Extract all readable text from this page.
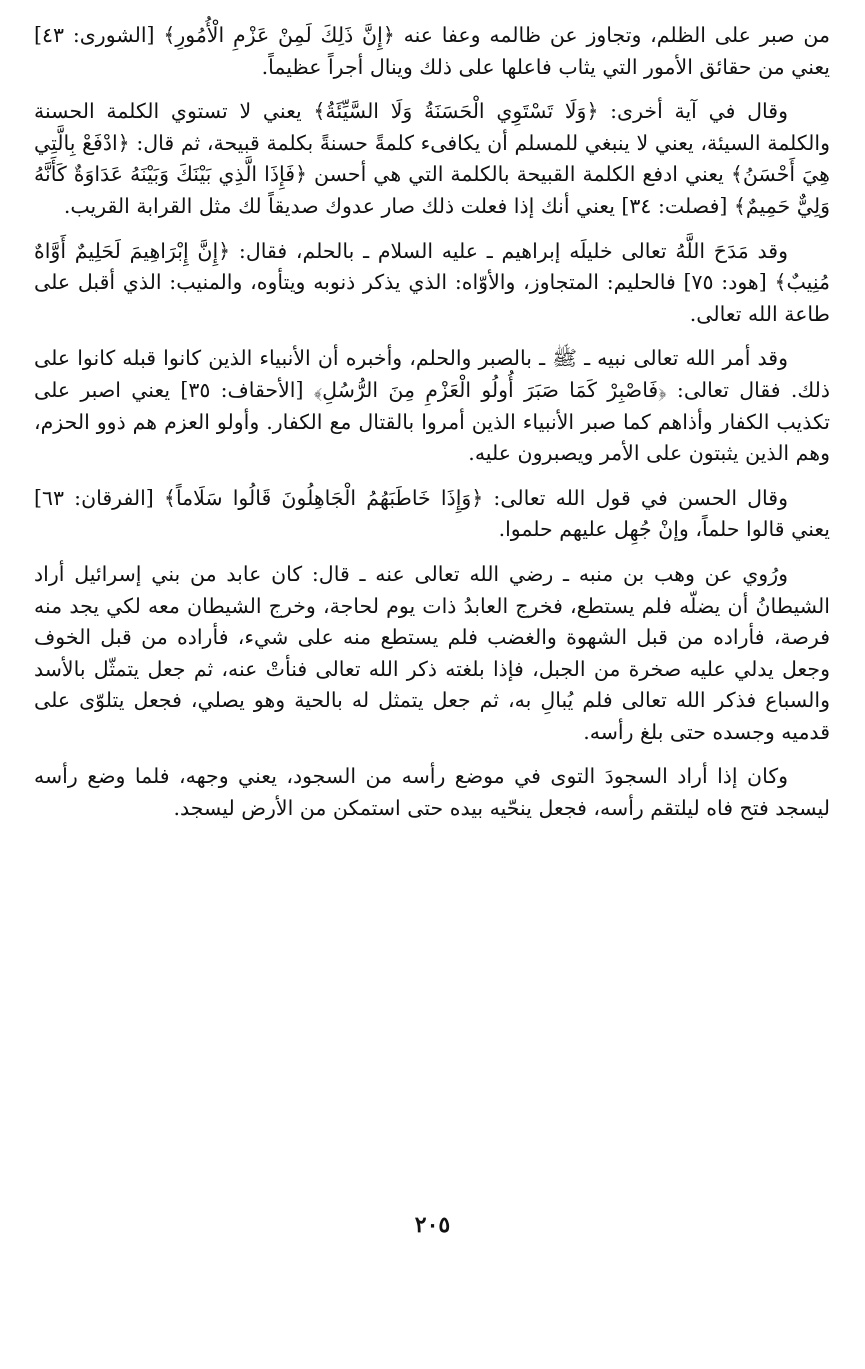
من صبر على الظلم، وتجاوز عن ظالمه وعفا عنه ﴿إِنَّ ذَلِكَ لَمِنْ عَزْمِ الْأُمُورِ﴾ [الشورى: ٤٣] يعني من حقائق الأمور التي يثاب فاعلها على ذلك وينال أجراً عظيماً.

وقال في آية أخرى: ﴿وَلَا تَسْتَوِي الْحَسَنَةُ وَلَا السَّيِّئَةُ﴾ يعني لا تستوي الكلمة الحسنة والكلمة السيئة، يعني لا ينبغي للمسلم أن يكافىء كلمةً حسنةً بكلمة قبيحة، ثم قال: ﴿ادْفَعْ بِالَّتِي هِيَ أَحْسَنُ﴾ يعني ادفع الكلمة القبيحة بالكلمة التي هي أحسن ﴿فَإِذَا الَّذِي بَيْنَكَ وَبَيْنَهُ عَدَاوَةٌ كَأَنَّهُ وَلِيٌّ حَمِيمٌ﴾ [فصلت: ٣٤] يعني أنك إذا فعلت ذلك صار عدوك صديقاً لك مثل القرابة القريب.

وقد مَدَحَ اللَّهُ تعالى خليلَه إبراهيم ـ عليه السلام ـ بالحلم، فقال: ﴿إِنَّ إِبْرَاهِيمَ لَحَلِيمٌ أَوَّاهٌ مُنِيبٌ﴾ [هود: ٧٥] فالحليم: المتجاوز، والأوّاه: الذي يذكر ذنوبه ويتأوه، والمنيب: الذي أقبل على طاعة الله تعالى.

وقد أمر الله تعالى نبيه ـ ﷺ ـ بالصبر والحلم، وأخبره أن الأنبياء الذين كانوا قبله كانوا على ذلك. فقال تعالى: ﴿فَاصْبِرْ كَمَا صَبَرَ أُولُو الْعَزْمِ مِنَ الرُّسُلِ﴾ [الأحقاف: ٣٥] يعني اصبر على تكذيب الكفار وأذاهم كما صبر الأنبياء الذين أمروا بالقتال مع الكفار. وأولو العزم هم ذوو الحزم، وهم الذين يثبتون على الأمر ويصبرون عليه.

وقال الحسن في قول الله تعالى: ﴿وَإِذَا خَاطَبَهُمُ الْجَاهِلُونَ قَالُوا سَلَاماً﴾ [الفرقان: ٦٣] يعني قالوا حلماً، وإنْ جُهِل عليهم حلموا.

ورُوي عن وهب بن منبه ـ رضي الله تعالى عنه ـ قال: كان عابد من بني إسرائيل أراد الشيطانُ أن يضلّه فلم يستطع، فخرج العابدُ ذات يوم لحاجة، وخرج الشيطان معه لكي يجد منه فرصة، فأراده من قبل الشهوة والغضب فلم يستطع منه على شيء، فأراده من قبل الخوف وجعل يدلي عليه صخرة من الجبل، فإذا بلغته ذكر الله تعالى فنأتْ عنه، ثم جعل يتمثّل بالأسد والسباع فذكر الله تعالى فلم يُبالِ به، ثم جعل يتمثل له بالحية وهو يصلي، فجعل يتلوّى على قدميه وجسده حتى بلغ رأسه.

وكان إذا أراد السجودَ التوى في موضع رأسه من السجود، يعني وجهه، فلما وضع رأسه ليسجد فتح فاه ليلتقم رأسه، فجعل ينحّيه بيده حتى استمكن من الأرض ليسجد.

٢٠٥
